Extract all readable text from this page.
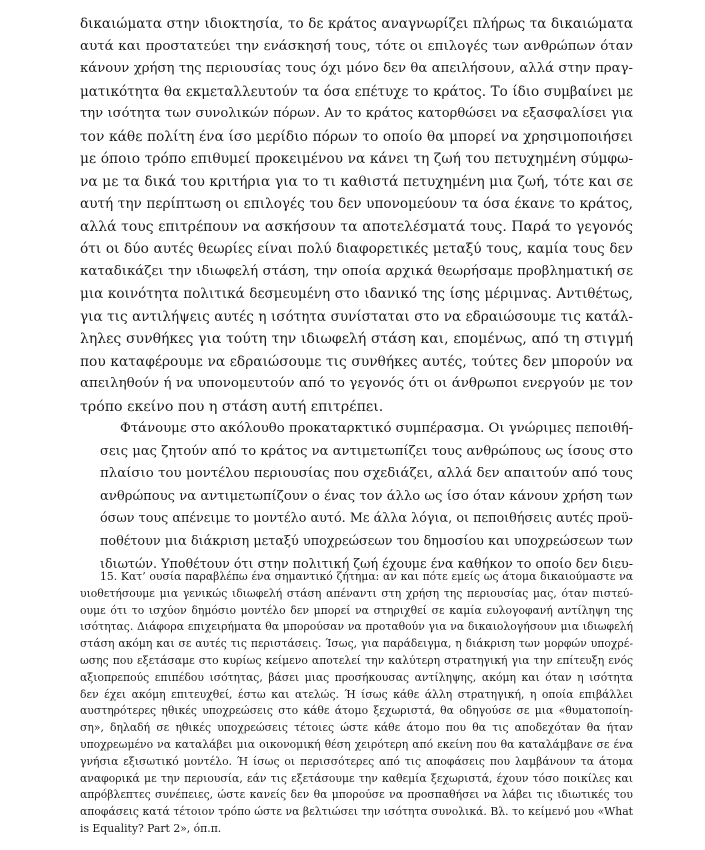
δικαιώματα στην ιδιοκτησία, το δε κράτος αναγνωρίζει πλήρως τα δικαιώματα
αυτά και προστατεύει την ενάσκησή τους, τότε οι επιλογές των ανθρώπων όταν
κάνουν χρήση της περιουσίας τους όχι μόνο δεν θα απειλήσουν, αλλά στην πραγ-
ματικότητα θα εκμεταλλευτούν τα όσα επέτυχε το κράτος. Το ίδιο συμβαίνει με
την ισότητα των συνολικών πόρων. Αν το κράτος κατορθώσει να εξασφαλίσει για
τον κάθε πολίτη ένα ίσο μερίδιο πόρων το οποίο θα μπορεί να χρησιμοποιήσει
με όποιο τρόπο επιθυμεί προκειμένου να κάνει τη ζωή του πετυχημένη σύμφω-
να με τα δικά του κριτήρια για το τι καθιστά πετυχημένη μια ζωή, τότε και σε
αυτή την περίπτωση οι επιλογές του δεν υπονομεύουν τα όσα έκανε το κράτος,
αλλά τους επιτρέπουν να ασκήσουν τα αποτελέσματά τους. Παρά το γεγονός
ότι οι δύο αυτές θεωρίες είναι πολύ διαφορετικές μεταξύ τους, καμία τους δεν
καταδικάζει την ιδιωφελή στάση, την οποία αρχικά θεωρήσαμε προβληματική σε
μια κοινότητα πολιτικά δεσμευμένη στο ιδανικό της ίσης μέριμνας. Αντιθέτως,
για τις αντιλήψεις αυτές η ισότητα συνίσταται στο να εδραιώσουμε τις κατάλ-
ληλες συνθήκες για τούτη την ιδιωφελή στάση και, επομένως, από τη στιγμή
που καταφέρουμε να εδραιώσουμε τις συνθήκες αυτές, τούτες δεν μπορούν να
απειληθούν ή να υπονομευτούν από το γεγονός ότι οι άνθρωποι ενεργούν με τον
τρόπο εκείνο που η στάση αυτή επιτρέπει.

Φτάνουμε στο ακόλουθο προκαταρκτικό συμπέρασμα. Οι γνώριμες πεποιθή-
σεις μας ζητούν από το κράτος να αντιμετωπίζει τους ανθρώπους ως ίσους στο
πλαίσιο του μοντέλου περιουσίας που σχεδιάζει, αλλά δεν απαιτούν από τους
ανθρώπους να αντιμετωπίζουν ο ένας τον άλλο ως ίσο όταν κάνουν χρήση των
όσων τους απένειμε το μοντέλο αυτό. Με άλλα λόγια, οι πεποιθήσεις αυτές προϋ-
ποθέτουν μια διάκριση μεταξύ υποχρεώσεων του δημοσίου και υποχρεώσεων των
ιδιωτών. Υποθέτουν ότι στην πολιτική ζωή έχουμε ένα καθήκον το οποίο δεν διευ-

15. Κατ’ ουσία παραβλέπω ένα σημαντικό ζήτημα: αν και πότε εμείς ως άτομα δικαιούμαστε να
υιοθετήσουμε μια γενικώς ιδιωφελή στάση απέναντι στη χρήση της περιουσίας μας, όταν πιστεύ-
ουμε ότι το ισχύον δημόσιο μοντέλο δεν μπορεί να στηριχθεί σε καμία ευλογοφανή αντίληψη της
ισότητας. Διάφορα επιχειρήματα θα μπορούσαν να προταθούν για να δικαιολογήσουν μια ιδιωφελή
στάση ακόμη και σε αυτές τις περιστάσεις. Ίσως, για παράδειγμα, η διάκριση των μορφών υποχρέ-
ωσης που εξετάσαμε στο κυρίως κείμενο αποτελεί την καλύτερη στρατηγική για την επίτευξη ενός
αξιοπρεπούς επιπέδου ισότητας, βάσει μιας προσήκουσας αντίληψης, ακόμη και όταν η ισότητα
δεν έχει ακόμη επιτευχθεί, έστω και ατελώς. Ή ίσως κάθε άλλη στρατηγική, η οποία επιβάλλει
αυστηρότερες ηθικές υποχρεώσεις στο κάθε άτομο ξεχωριστά, θα οδηγούσε σε μια «θυματοποίη-
ση», δηλαδή σε ηθικές υποχρεώσεις τέτοιες ώστε κάθε άτομο που θα τις αποδεχόταν θα ήταν
υποχρεωμένο να καταλάβει μια οικονομική θέση χειρότερη από εκείνη που θα καταλάμβανε σε ένα
γνήσια εξισωτικό μοντέλο. Ή ίσως οι περισσότερες από τις αποφάσεις που λαμβάνουν τα άτομα
αναφορικά με την περιουσία, εάν τις εξετάσουμε την καθεμία ξεχωριστά, έχουν τόσο ποικίλες και
απρόβλεπτες συνέπειες, ώστε κανείς δεν θα μπορούσε να προσπαθήσει να λάβει τις ιδιωτικές του
αποφάσεις κατά τέτοιον τρόπο ώστε να βελτιώσει την ισότητα συνολικά. Βλ. το κείμενό μου «What
is Equality? Part 2», όπ.π.
